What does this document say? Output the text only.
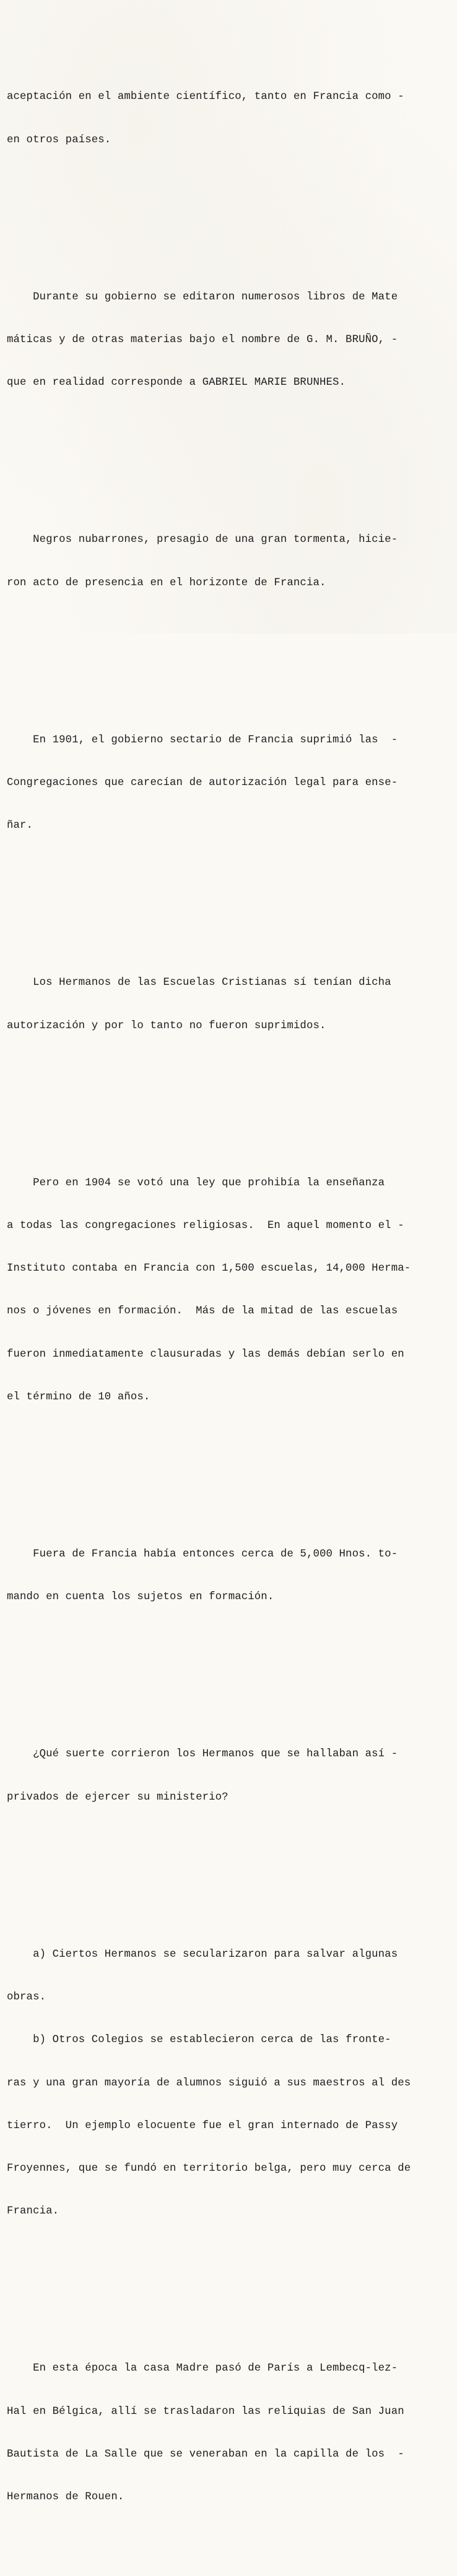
aceptación en el ambiente científico, tanto en Francia como -

en otros países.

Durante su gobierno se editaron numerosos libros de Mate

máticas y de otras materias bajo el nombre de G. M. BRUÑO, -

que en realidad corresponde a GABRIEL MARIE BRUNHES.

Negros nubarrones, presagio de una gran tormenta, hicie-

ron acto de presencia en el horizonte de Francia.

En 1901, el gobierno sectario de Francia suprimió las  -

Congregaciones que carecían de autorización legal para ense-

ñar.

Los Hermanos de las Escuelas Cristianas sí tenían dicha

autorización y por lo tanto no fueron suprimidos.

Pero en 1904 se votó una ley que prohibía la enseñanza

a todas las congregaciones religiosas.  En aquel momento el -

Instituto contaba en Francia con 1,500 escuelas, 14,000 Herma-

nos o jóvenes en formación.  Más de la mitad de las escuelas

fueron inmediatamente clausuradas y las demás debían serlo en

el término de 10 años.

Fuera de Francia había entonces cerca de 5,000 Hnos. to-

mando en cuenta los sujetos en formación.

¿Qué suerte corrieron los Hermanos que se hallaban así -

privados de ejercer su ministerio?

a) Ciertos Hermanos se secularizaron para salvar algunas

obras.

b) Otros Colegios se establecieron cerca de las fronte-

ras y una gran mayoría de alumnos siguió a sus maestros al des

tierro.  Un ejemplo elocuente fue el gran internado de Passy

Froyennes, que se fundó en territorio belga, pero muy cerca de

Francia.

En esta época la casa Madre pasó de París a Lembecq-lez-

Hal en Bélgica, allí se trasladaron las reliquias de San Juan

Bautista de La Salle que se veneraban en la capilla de los  -

Hermanos de Rouen.
